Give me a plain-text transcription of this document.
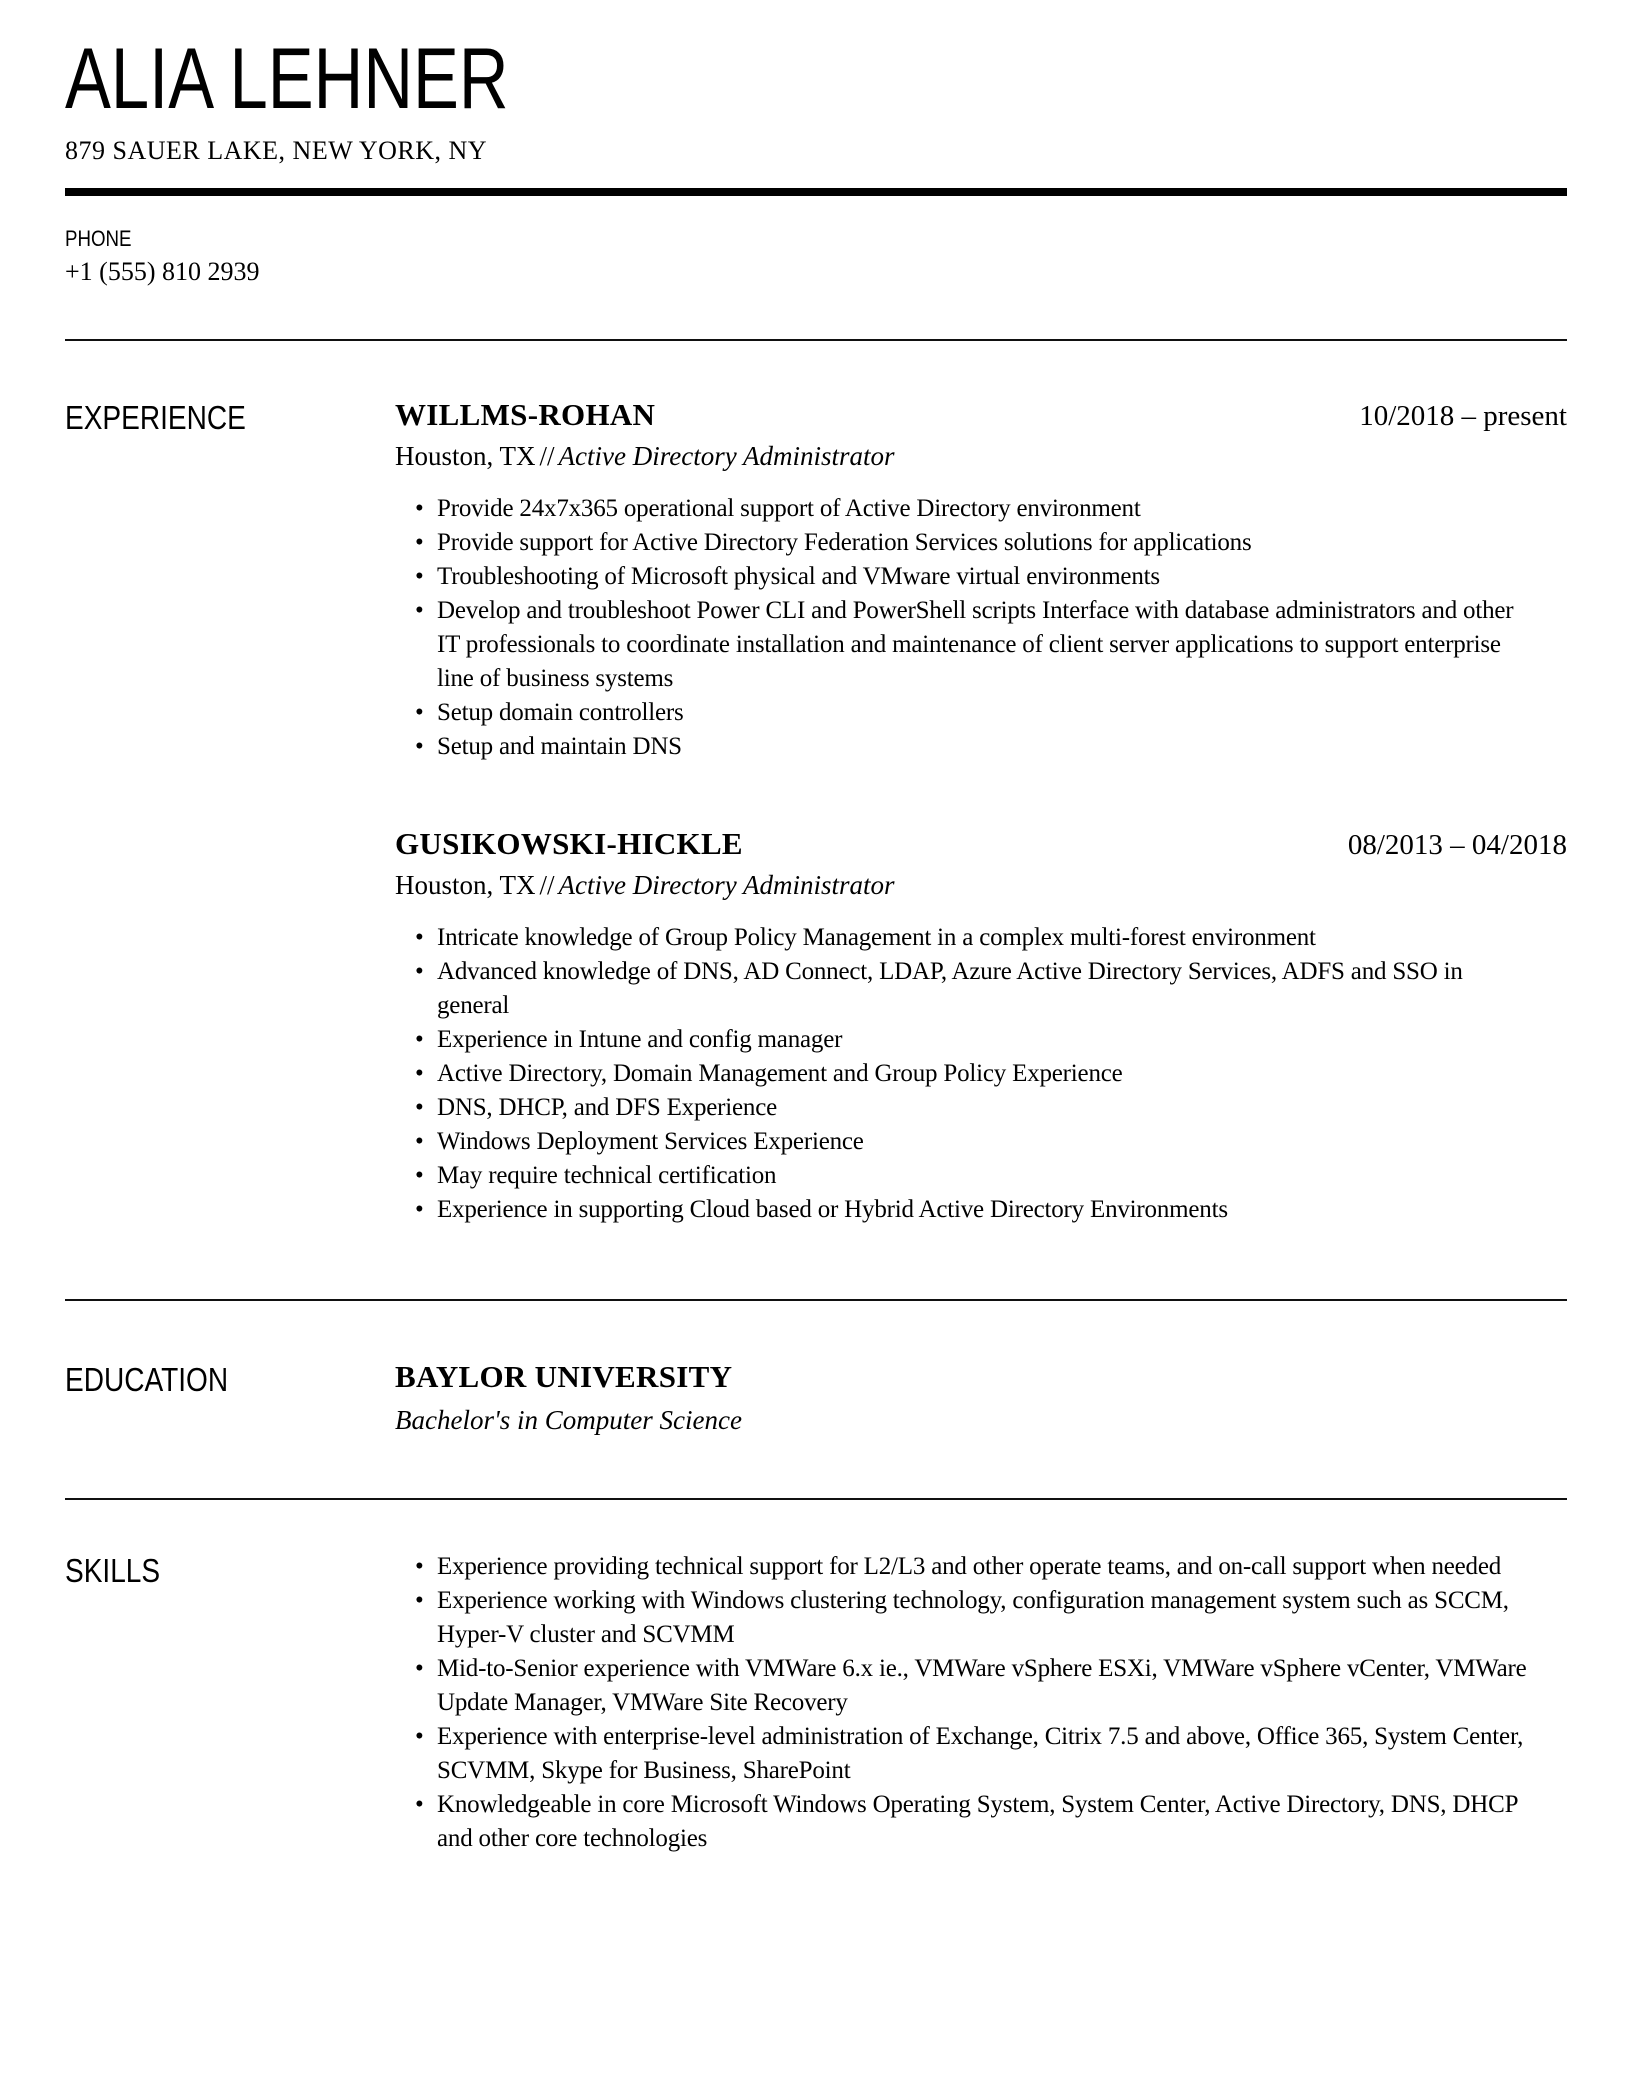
ALIA LEHNER
879 SAUER LAKE, NEW YORK, NY
PHONE
+1 (555) 810 2939
EXPERIENCE	WILLMS-ROHAN	10/2018 – present
Houston, TX // Active Directory Administrator
• Provide 24x7x365 operational support of Active Directory environment
• Provide support for Active Directory Federation Services solutions for applications
• Troubleshooting of Microsoft physical and VMware virtual environments
• Develop and troubleshoot Power CLI and PowerShell scripts Interface with database administrators and other IT professionals to coordinate installation and maintenance of client server applications to support enterprise line of business systems
• Setup domain controllers
• Setup and maintain DNS
GUSIKOWSKI-HICKLE	08/2013 – 04/2018
Houston, TX // Active Directory Administrator
• Intricate knowledge of Group Policy Management in a complex multi-forest environment
• Advanced knowledge of DNS, AD Connect, LDAP, Azure Active Directory Services, ADFS and SSO in general
• Experience in Intune and config manager
• Active Directory, Domain Management and Group Policy Experience
• DNS, DHCP, and DFS Experience
• Windows Deployment Services Experience
• May require technical certification
• Experience in supporting Cloud based or Hybrid Active Directory Environments
EDUCATION	BAYLOR UNIVERSITY
Bachelor's in Computer Science
SKILLS	• Experience providing technical support for L2/L3 and other operate teams, and on-call support when needed
• Experience working with Windows clustering technology, configuration management system such as SCCM, Hyper-V cluster and SCVMM
• Mid-to-Senior experience with VMWare 6.x ie., VMWare vSphere ESXi, VMWare vSphere vCenter, VMWare Update Manager, VMWare Site Recovery
• Experience with enterprise-level administration of Exchange, Citrix 7.5 and above, Office 365, System Center, SCVMM, Skype for Business, SharePoint
• Knowledgeable in core Microsoft Windows Operating System, System Center, Active Directory, DNS, DHCP and other core technologies
